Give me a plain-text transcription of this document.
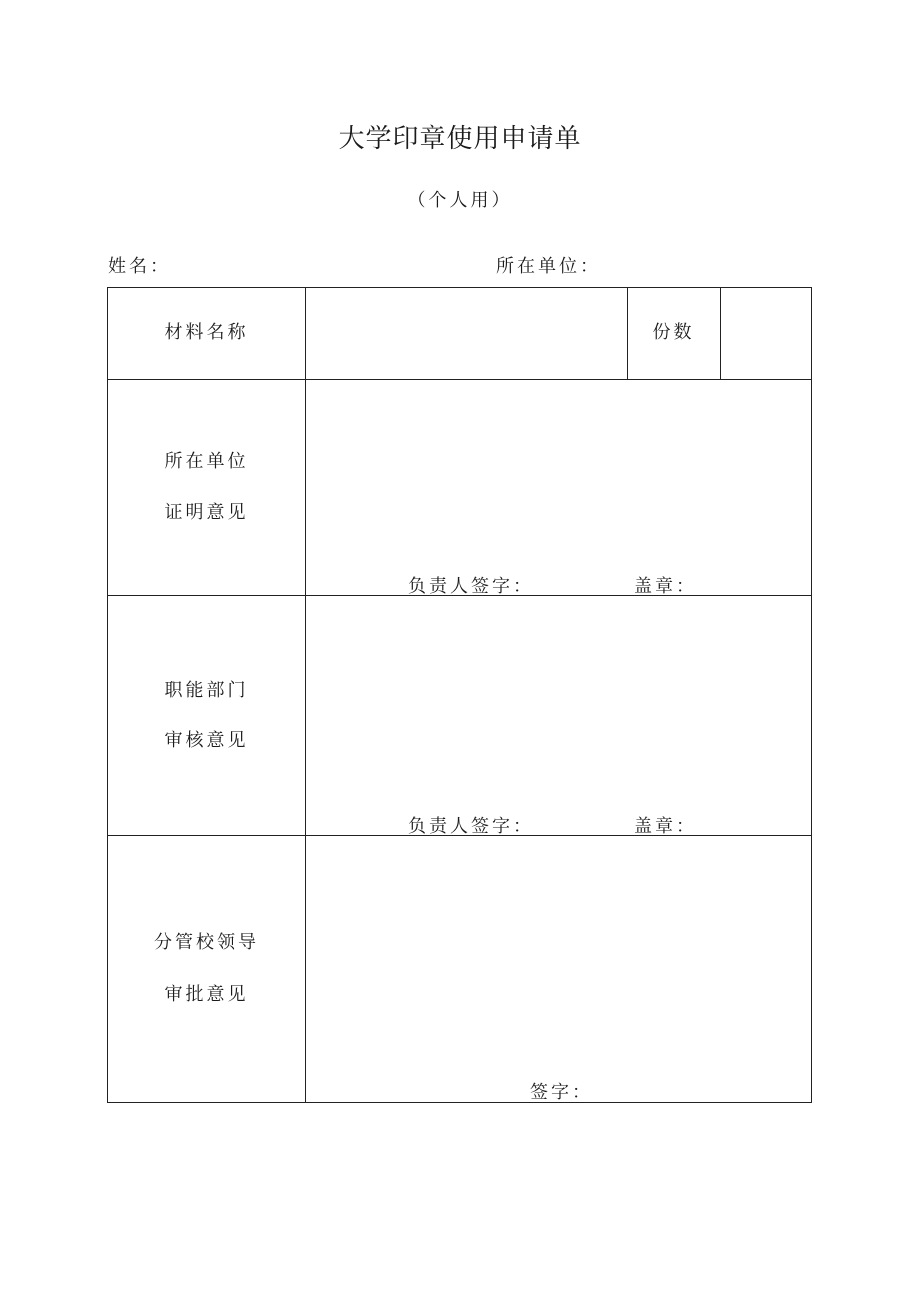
大学印章使用申请单
（个人用）
姓名：	所在单位：
材料名称	份数
所在单位
证明意见
负责人签字：	盖章：
职能部门
审核意见
负责人签字：	盖章：
分管校领导
审批意见
签字：
